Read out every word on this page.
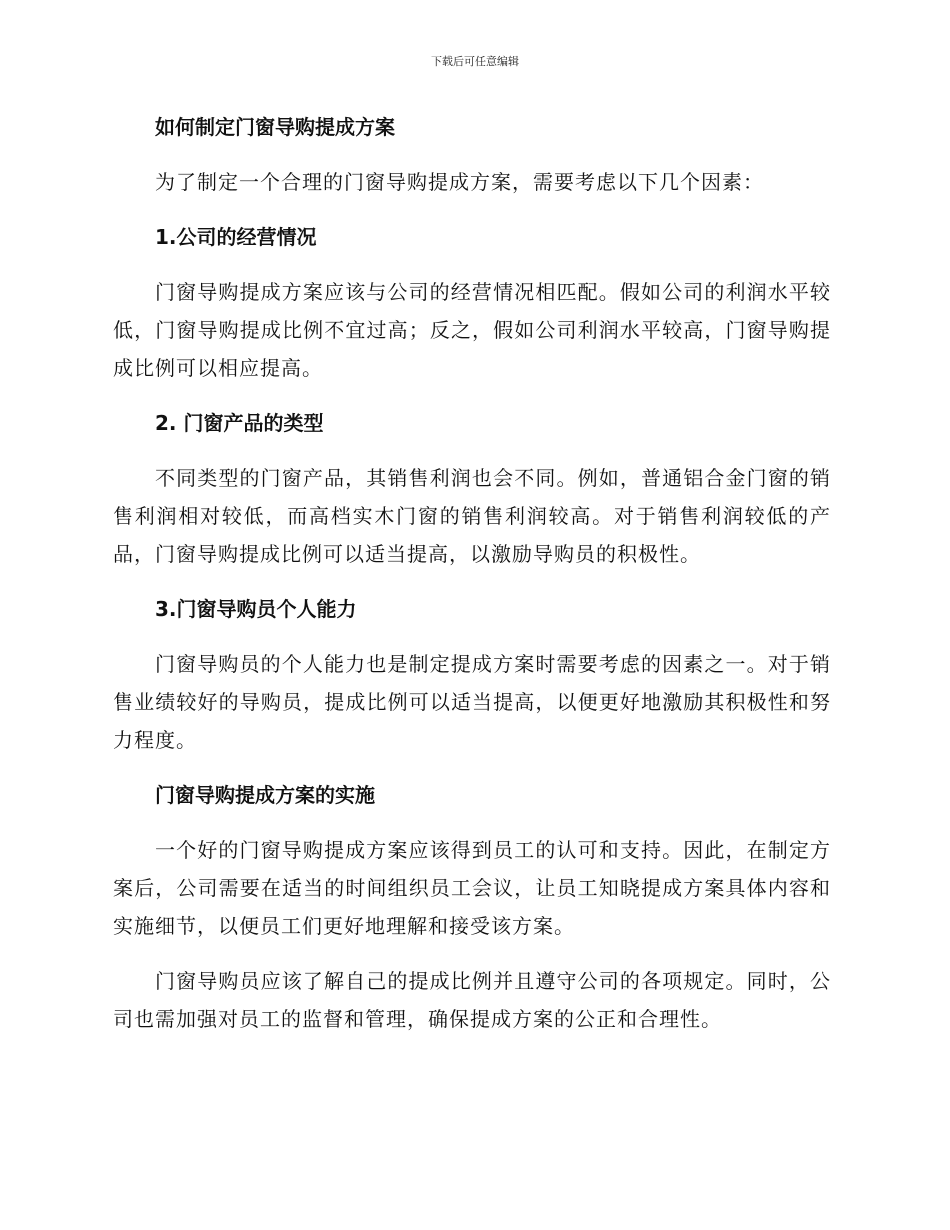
下载后可任意编辑
如何制定门窗导购提成方案

为了制定一个合理的门窗导购提成方案，需要考虑以下几个因素：

1.公司的经营情况

门窗导购提成方案应该与公司的经营情况相匹配。假如公司的利润水平较低，门窗导购提成比例不宜过高；反之，假如公司利润水平较高，门窗导购提成比例可以相应提高。

2. 门窗产品的类型

不同类型的门窗产品，其销售利润也会不同。例如，普通铝合金门窗的销售利润相对较低，而高档实木门窗的销售利润较高。对于销售利润较低的产品，门窗导购提成比例可以适当提高，以激励导购员的积极性。

3.门窗导购员个人能力

门窗导购员的个人能力也是制定提成方案时需要考虑的因素之一。对于销售业绩较好的导购员，提成比例可以适当提高，以便更好地激励其积极性和努力程度。

门窗导购提成方案的实施

一个好的门窗导购提成方案应该得到员工的认可和支持。因此，在制定方案后，公司需要在适当的时间组织员工会议，让员工知晓提成方案具体内容和实施细节，以便员工们更好地理解和接受该方案。

门窗导购员应该了解自己的提成比例并且遵守公司的各项规定。同时，公司也需加强对员工的监督和管理，确保提成方案的公正和合理性。
